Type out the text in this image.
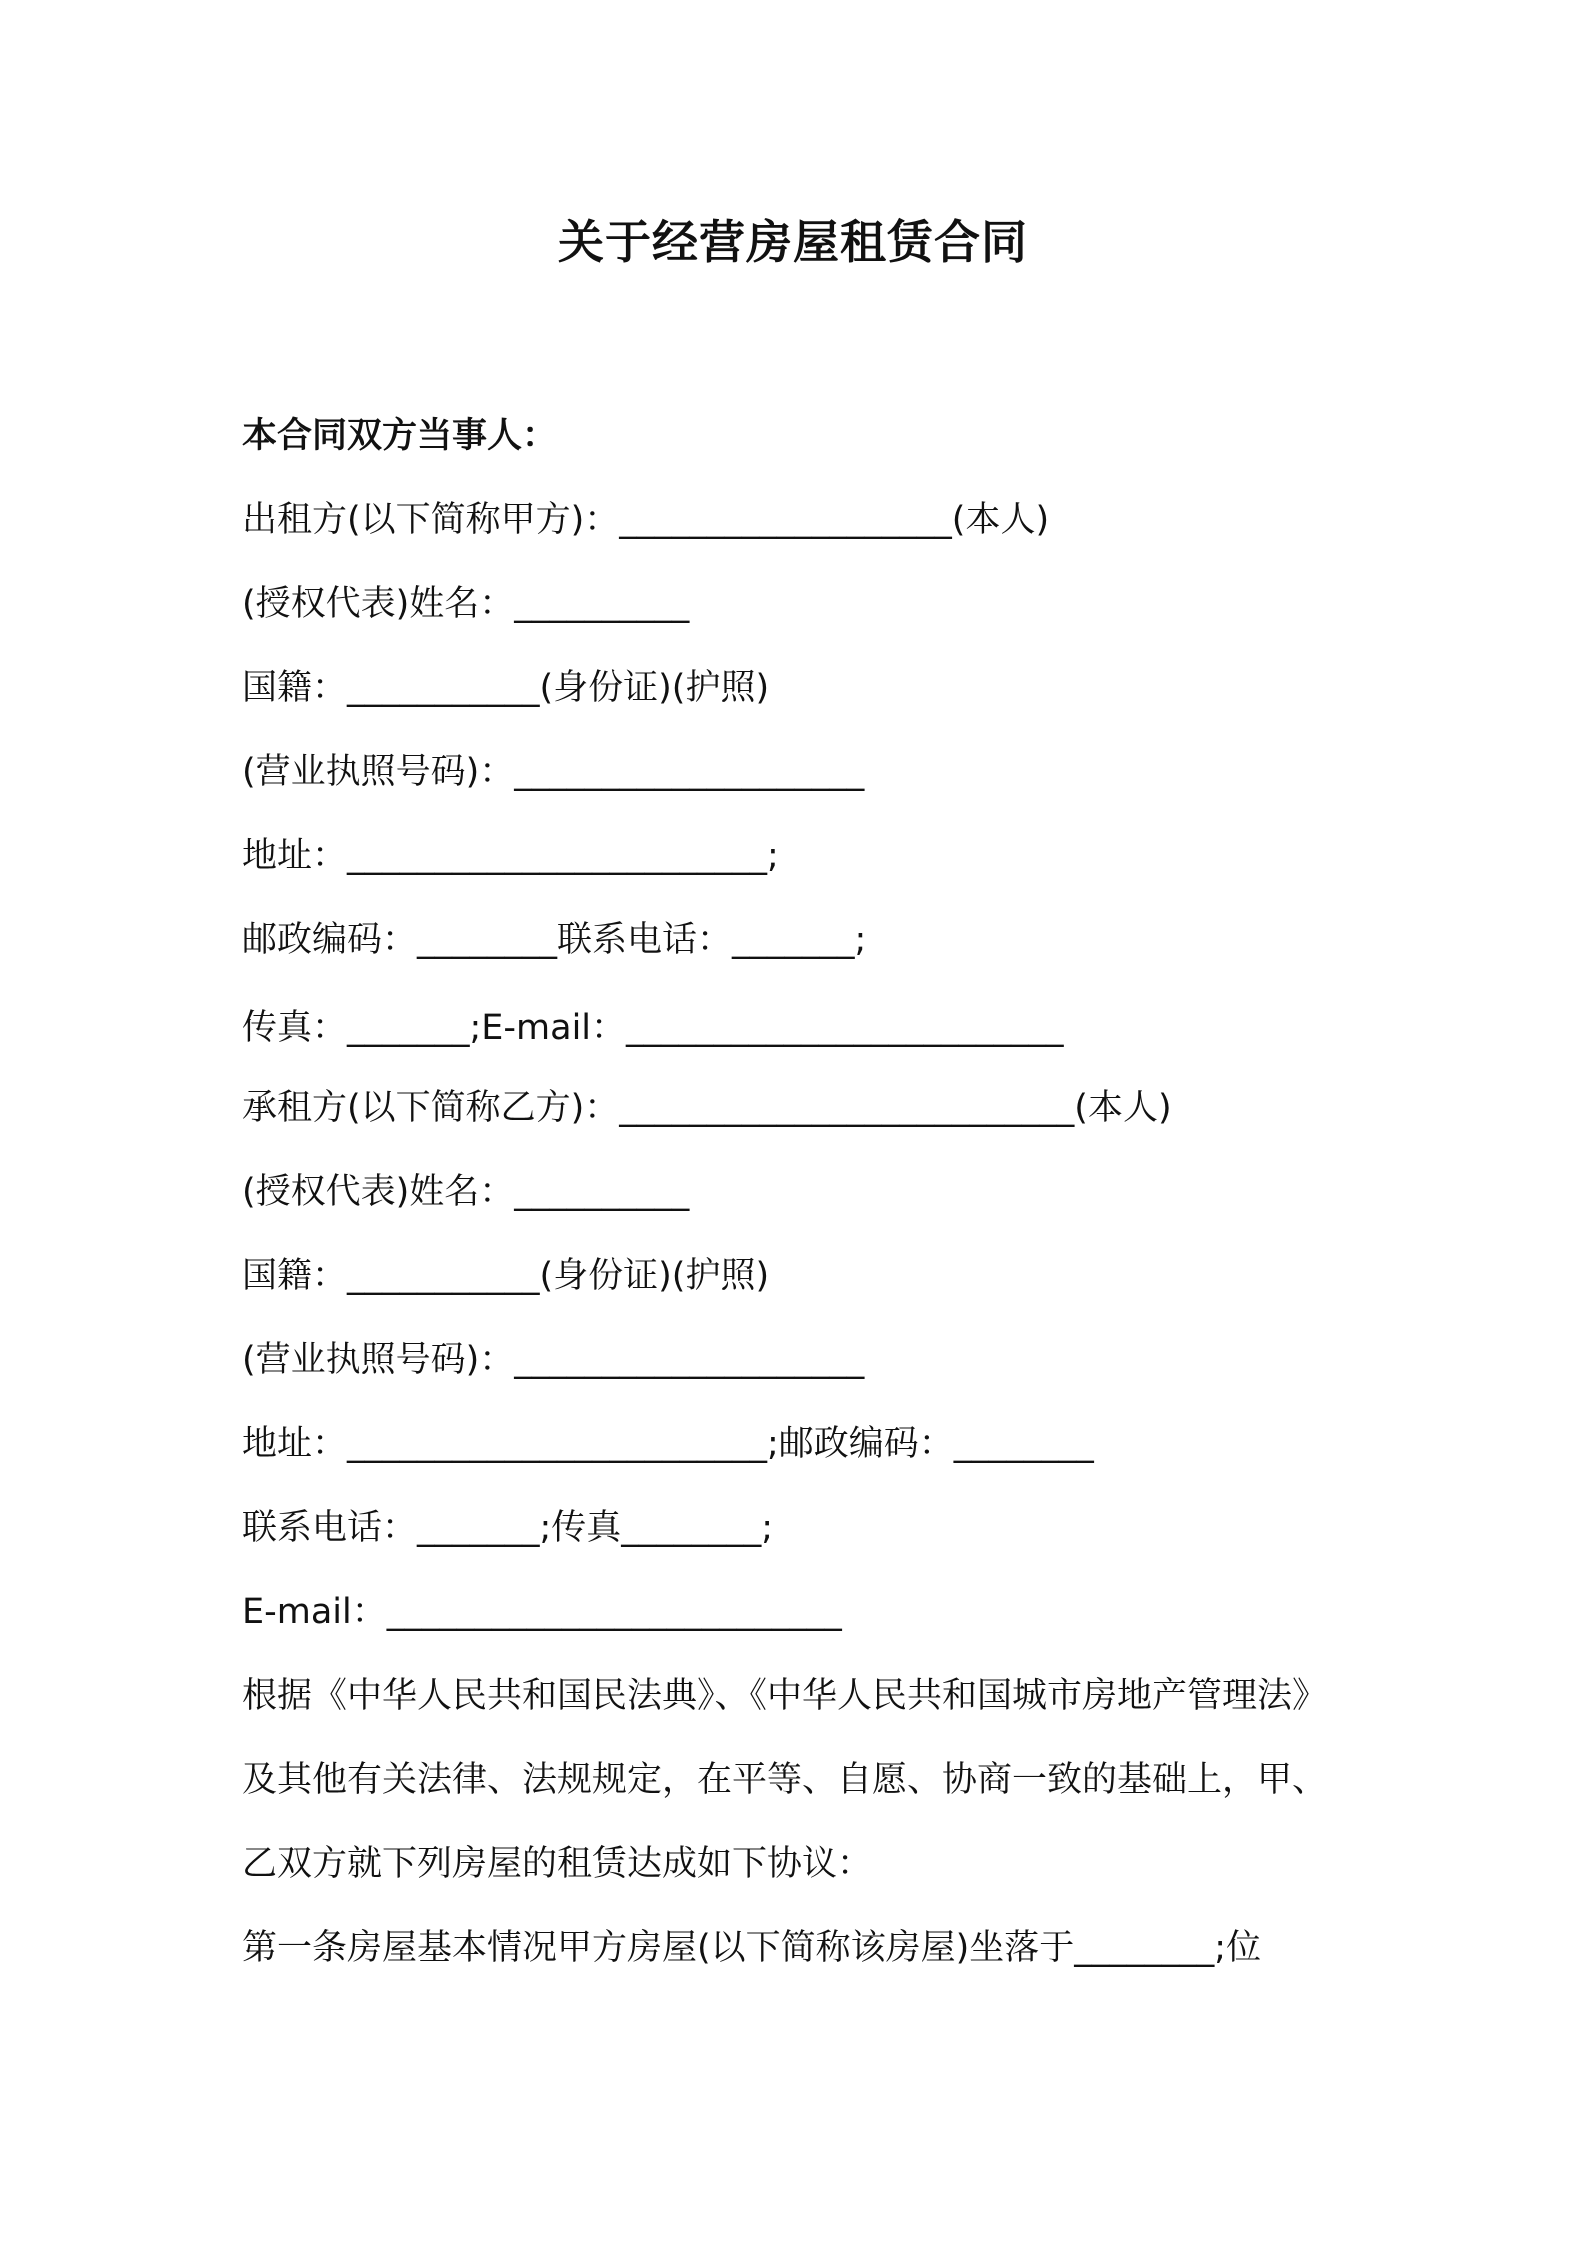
关于经营房屋租赁合同
本合同双方当事人：
出租方(以下简称甲方)：___________________(本人)
(授权代表)姓名：__________
国籍：___________(身份证)(护照)
(营业执照号码)：____________________
地址：________________________;
邮政编码：________联系电话：_______;
传真：_______;E-mail：_________________________
承租方(以下简称乙方)：__________________________(本人)
(授权代表)姓名：__________
国籍：___________(身份证)(护照)
(营业执照号码)：____________________
地址：________________________;邮政编码：________
联系电话：_______;传真________;
E-mail：__________________________
根据《中华人民共和国民法典》、《中华人民共和国城市房地产管理法》
及其他有关法律、法规规定，在平等、自愿、协商一致的基础上，甲、
乙双方就下列房屋的租赁达成如下协议：
第一条房屋基本情况甲方房屋(以下简称该房屋)坐落于________;位
